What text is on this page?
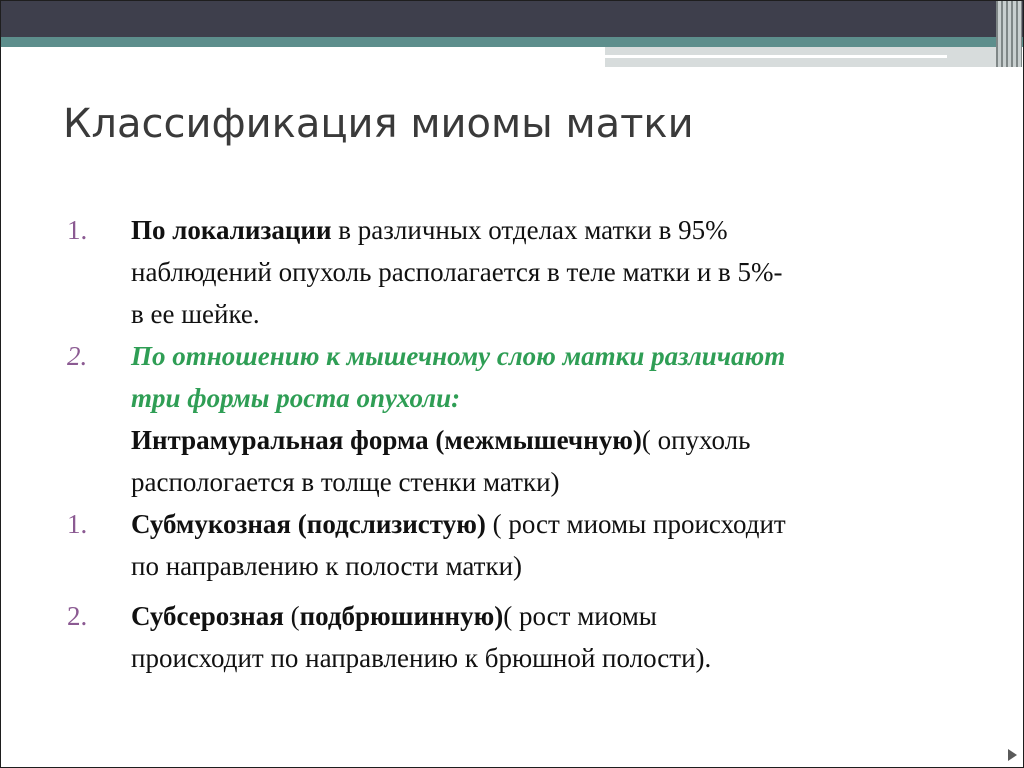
Классификация миомы матки
1. По локализации в различных отделах матки в 95%
наблюдений опухоль располагается в теле матки и в 5%-
в ее шейке.
2. По отношению к мышечному слою матки различают
три формы роста опухоли:
Интрамуральная форма (межмышечную)( опухоль
распологается в толще стенки матки)
1. Субмукозная (подслизистую) ( рост миомы происходит
по направлению к полости матки)
2. Субсерозная (подбрюшинную)( рост миомы
происходит по направлению к брюшной полости).
